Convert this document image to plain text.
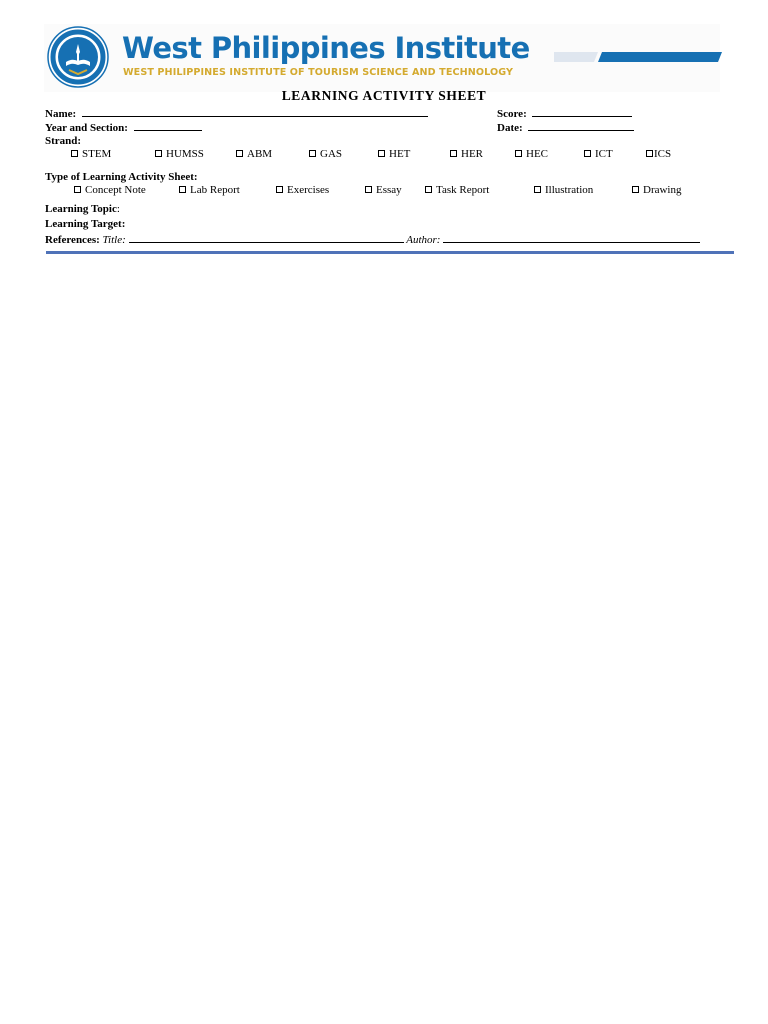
West Philippines Institute
WEST PHILIPPINES INSTITUTE OF TOURISM SCIENCE AND TECHNOLOGY
LEARNING ACTIVITY SHEET
Name:	Score:
Year and Section:	Date:
Strand:
STEM	HUMSS	ABM	GAS	HET	HER	HEC	ICT	ICS
Type of Learning Activity Sheet:
Concept Note	Lab Report	Exercises	Essay	Task Report	Illustration	Drawing
Learning Topic:
Learning Target:
References: Title:	Author:
